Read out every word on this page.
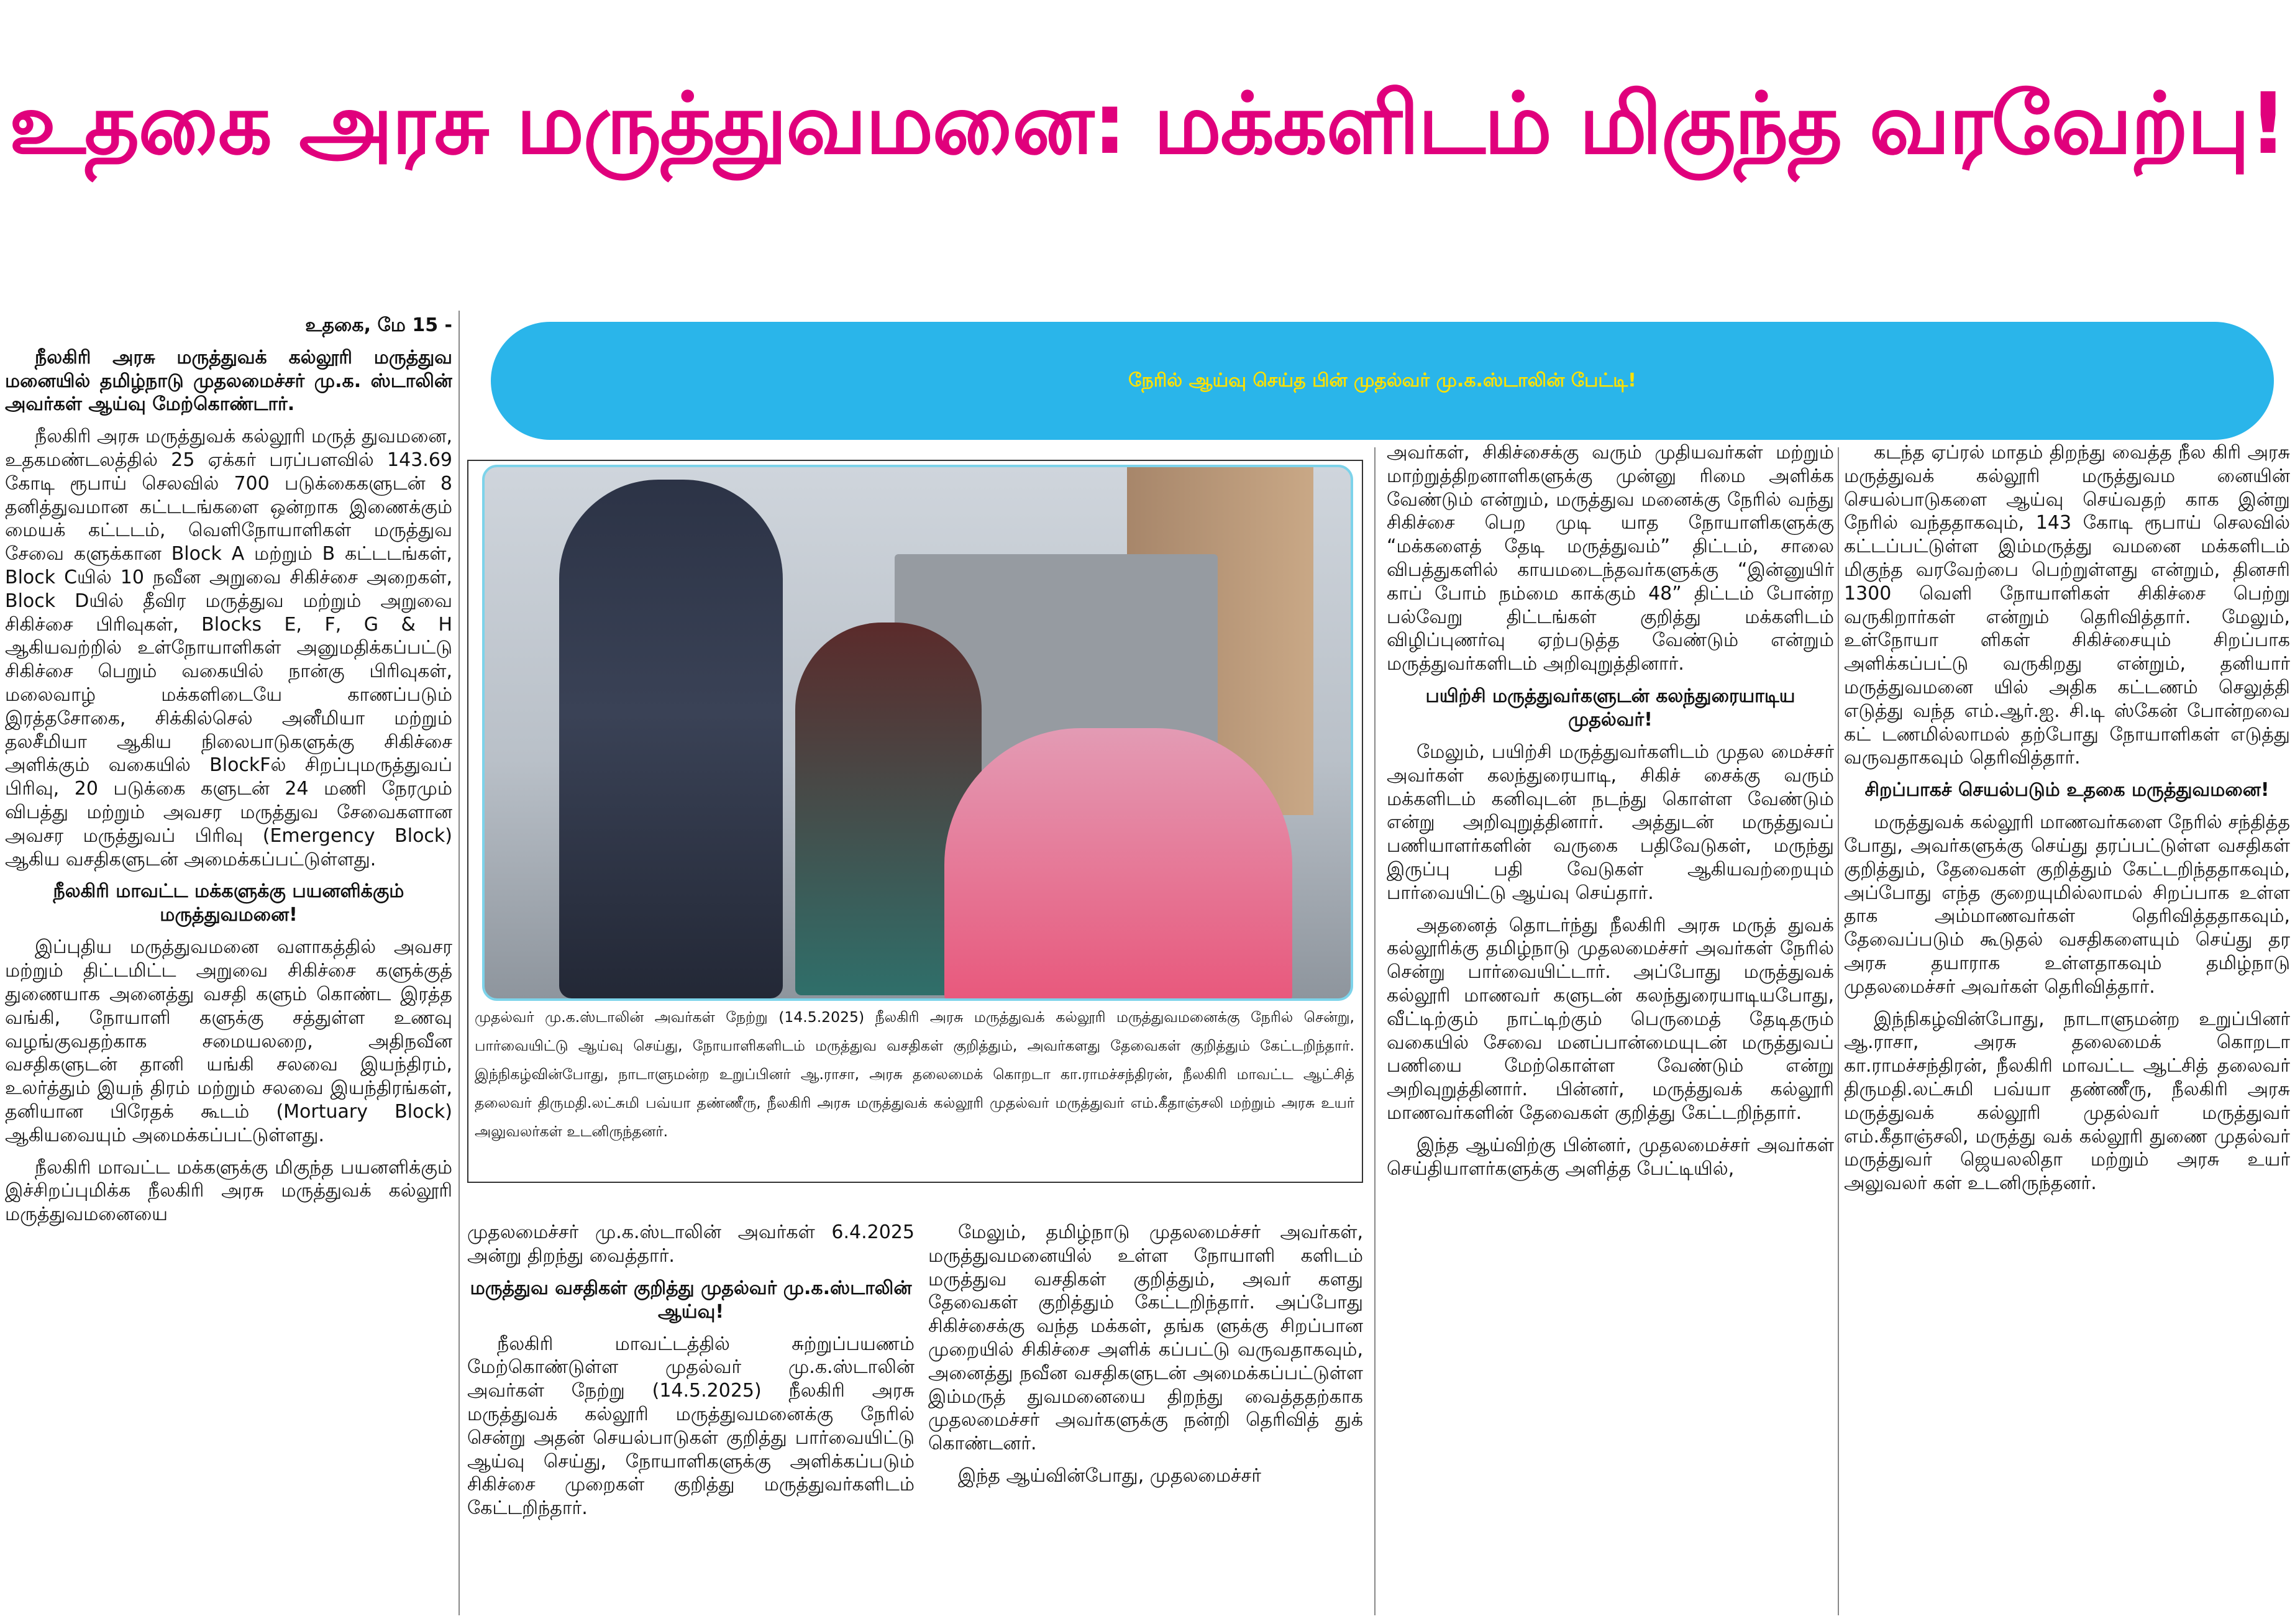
உதகை அரசு மருத்துவமனை: மக்களிடம் மிகுந்த வரவேற்பு!
நேரில் ஆய்வு செய்த பின் முதல்வர் மு.க.ஸ்டாலின் பேட்டி!

உதகை, மே 15 -

நீலகிரி அரசு மருத்துவக் கல்லூரி மருத்துவ மனையில் தமிழ்நாடு முதலமைச்சர் மு.க. ஸ்டாலின் அவர்கள் ஆய்வு மேற்கொண்டார்.

நீலகிரி அரசு மருத்துவக் கல்லூரி மருத் துவமனை, உதகமண்டலத்தில் 25 ஏக்கர் பரப்பளவில் 143.69 கோடி ரூபாய் செலவில் 700 படுக்கைகளுடன் 8 தனித்துவமான கட்டடங்களை ஒன்றாக இணைக்கும் மையக் கட்டடம், வெளிநோயாளிகள் மருத்துவ சேவை களுக்கான Block A மற்றும் B கட்டடங்கள், Block Cயில் 10 நவீன அறுவை சிகிச்சை அறைகள், Block Dயில் தீவிர மருத்துவ மற்றும் அறுவை சிகிச்சை பிரிவுகள், Blocks E, F, G & H ஆகியவற்றில் உள்நோயாளிகள் அனுமதிக்கப்பட்டு சிகிச்சை பெறும் வகையில் நான்கு பிரிவுகள், மலைவாழ் மக்களிடையே காணப்படும் இரத்தசோகை, சிக்கில்செல் அனீமியா மற்றும் தலசீமியா ஆகிய நிலைபாடுகளுக்கு சிகிச்சை அளிக்கும் வகையில் BlockFல் சிறப்புமருத்துவப் பிரிவு, 20 படுக்கை களுடன் 24 மணி நேரமும் விபத்து மற்றும் அவசர மருத்துவ சேவைகளான அவசர மருத்துவப் பிரிவு (Emergency Block) ஆகிய வசதிகளுடன் அமைக்கப்பட்டுள்ளது.

நீலகிரி மாவட்ட மக்களுக்கு பயனளிக்கும் மருத்துவமனை!

இப்புதிய மருத்துவமனை வளாகத்தில் அவசர மற்றும் திட்டமிட்ட அறுவை சிகிச்சை களுக்குத் துணையாக அனைத்து வசதி களும் கொண்ட இரத்த வங்கி, நோயாளி களுக்கு சத்துள்ள உணவு வழங்குவதற்காக சமையலறை, அதிநவீன வசதிகளுடன் தானி யங்கி சலவை இயந்திரம், உலர்த்தும் இயந் திரம் மற்றும் சலவை இயந்திரங்கள், தனியான பிரேதக் கூடம் (Mortuary Block) ஆகியவையும் அமைக்கப்பட்டுள்ளது.

நீலகிரி மாவட்ட மக்களுக்கு மிகுந்த பயனளிக்கும் இச்சிறப்புமிக்க நீலகிரி அரசு மருத்துவக் கல்லூரி மருத்துவமனையை

முதல்வர் மு.க.ஸ்டாலின் அவர்கள் நேற்று (14.5.2025) நீலகிரி அரசு மருத்துவக் கல்லூரி மருத்துவமனைக்கு நேரில் சென்று, பார்வையிட்டு ஆய்வு செய்து, நோயாளிகளிடம் மருத்துவ வசதிகள் குறித்தும், அவர்களது தேவைகள் குறித்தும் கேட்டறிந்தார். இந்நிகழ்வின்போது, நாடாளுமன்ற உறுப்பினர் ஆ.ராசா, அரசு தலைமைக் கொறடா கா.ராமச்சந்திரன், நீலகிரி மாவட்ட ஆட்சித் தலைவர் திருமதி.லட்சுமி பவ்யா தண்ணீரு, நீலகிரி அரசு மருத்துவக் கல்லூரி முதல்வர் மருத்துவர் எம்.கீதாஞ்சலி மற்றும் அரசு உயர் அலுவலர்கள் உடனிருந்தனர்.

முதலமைச்சர் மு.க.ஸ்டாலின் அவர்கள் 6.4.2025 அன்று திறந்து வைத்தார்.

மருத்துவ வசதிகள் குறித்து முதல்வர் மு.க.ஸ்டாலின் ஆய்வு!

நீலகிரி மாவட்டத்தில் சுற்றுப்பயணம் மேற்கொண்டுள்ள முதல்வர் மு.க.ஸ்டாலின் அவர்கள் நேற்று (14.5.2025) நீலகிரி அரசு மருத்துவக் கல்லூரி மருத்துவமனைக்கு நேரில் சென்று அதன் செயல்பாடுகள் குறித்து பார்வையிட்டு ஆய்வு செய்து, நோயாளிகளுக்கு அளிக்கப்படும் சிகிச்சை முறைகள் குறித்து மருத்துவர்களிடம் கேட்டறிந்தார்.

மேலும், தமிழ்நாடு முதலமைச்சர் அவர்கள், மருத்துவமனையில் உள்ள நோயாளி களிடம் மருத்துவ வசதிகள் குறித்தும், அவர் களது தேவைகள் குறித்தும் கேட்டறிந்தார். அப்போது சிகிச்சைக்கு வந்த மக்கள், தங்க ளுக்கு சிறப்பான முறையில் சிகிச்சை அளிக் கப்பட்டு வருவதாகவும், அனைத்து நவீன வசதிகளுடன் அமைக்கப்பட்டுள்ள இம்மருத் துவமனையை திறந்து வைத்ததற்காக முதலமைச்சர் அவர்களுக்கு நன்றி தெரிவித் துக் கொண்டனர்.

இந்த ஆய்வின்போது, முதலமைச்சர்

அவர்கள், சிகிச்சைக்கு வரும் முதியவர்கள் மற்றும் மாற்றுத்திறனாளிகளுக்கு முன்னு ரிமை அளிக்க வேண்டும் என்றும், மருத்துவ மனைக்கு நேரில் வந்து சிகிச்சை பெற முடி யாத நோயாளிகளுக்கு “மக்களைத் தேடி மருத்துவம்” திட்டம், சாலை விபத்துகளில் காயமடைந்தவர்களுக்கு “இன்னுயிர் காப் போம் நம்மை காக்கும் 48” திட்டம் போன்ற பல்வேறு திட்டங்கள் குறித்து மக்களிடம் விழிப்புணர்வு ஏற்படுத்த வேண்டும் என்றும் மருத்துவர்களிடம் அறிவுறுத்தினார்.

பயிற்சி மருத்துவர்களுடன் கலந்துரையாடிய முதல்வர்!

மேலும், பயிற்சி மருத்துவர்களிடம் முதல மைச்சர் அவர்கள் கலந்துரையாடி, சிகிச் சைக்கு வரும் மக்களிடம் கனிவுடன் நடந்து கொள்ள வேண்டும் என்று அறிவுறுத்தினார். அத்துடன் மருத்துவப் பணியாளர்களின் வருகை பதிவேடுகள், மருந்து இருப்பு பதி வேடுகள் ஆகியவற்றையும் பார்வையிட்டு ஆய்வு செய்தார்.

அதனைத் தொடர்ந்து நீலகிரி அரசு மருத் துவக் கல்லூரிக்கு தமிழ்நாடு முதலமைச்சர் அவர்கள் நேரில் சென்று பார்வையிட்டார். அப்போது மருத்துவக் கல்லூரி மாணவர் களுடன் கலந்துரையாடியபோது, வீட்டிற்கும் நாட்டிற்கும் பெருமைத் தேடிதரும் வகையில் சேவை மனப்பான்மையுடன் மருத்துவப் பணியை மேற்கொள்ள வேண்டும் என்று அறிவுறுத்தினார். பின்னர், மருத்துவக் கல்லூரி மாணவர்களின் தேவைகள் குறித்து கேட்டறிந்தார்.

இந்த ஆய்விற்கு பின்னர், முதலமைச்சர் அவர்கள் செய்தியாளர்களுக்கு அளித்த பேட்டியில்,

கடந்த ஏப்ரல் மாதம் திறந்து வைத்த நீல கிரி அரசு மருத்துவக் கல்லூரி மருத்துவம னையின் செயல்பாடுகளை ஆய்வு செய்வதற் காக இன்று நேரில் வந்ததாகவும், 143 கோடி ரூபாய் செலவில் கட்டப்பட்டுள்ள இம்மருத்து வமனை மக்களிடம் மிகுந்த வரவேற்பை பெற்றுள்ளது என்றும், தினசரி 1300 வெளி நோயாளிகள் சிகிச்சை பெற்று வருகிறார்கள் என்றும் தெரிவித்தார். மேலும், உள்நோயா ளிகள் சிகிச்சையும் சிறப்பாக அளிக்கப்பட்டு வருகிறது என்றும், தனியார் மருத்துவமனை யில் அதிக கட்டணம் செலுத்தி எடுத்து வந்த எம்.ஆர்.ஐ. சி.டி ஸ்கேன் போன்றவை கட் டணமில்லாமல் தற்போது நோயாளிகள் எடுத்து வருவதாகவும் தெரிவித்தார்.

சிறப்பாகச் செயல்படும் உதகை மருத்துவமனை!

மருத்துவக் கல்லூரி மாணவர்களை நேரில் சந்தித்த போது, அவர்களுக்கு செய்து தரப்பட்டுள்ள வசதிகள் குறித்தும், தேவைகள் குறித்தும் கேட்டறிந்ததாகவும், அப்போது எந்த குறையுமில்லாமல் சிறப்பாக உள்ள தாக அம்மாணவர்கள் தெரிவித்ததாகவும், தேவைப்படும் கூடுதல் வசதிகளையும் செய்து தர அரசு தயாராக உள்ளதாகவும் தமிழ்நாடு முதலமைச்சர் அவர்கள் தெரிவித்தார்.

இந்நிகழ்வின்போது, நாடாளுமன்ற உறுப்பினர் ஆ.ராசா, அரசு தலைமைக் கொறடா கா.ராமச்சந்திரன், நீலகிரி மாவட்ட ஆட்சித் தலைவர் திருமதி.லட்சுமி பவ்யா தண்ணீரு, நீலகிரி அரசு மருத்துவக் கல்லூரி முதல்வர் மருத்துவர் எம்.கீதாஞ்சலி, மருத்து வக் கல்லூரி துணை முதல்வர் மருத்துவர் ஜெயலலிதா மற்றும் அரசு உயர் அலுவலர் கள் உடனிருந்தனர்.
